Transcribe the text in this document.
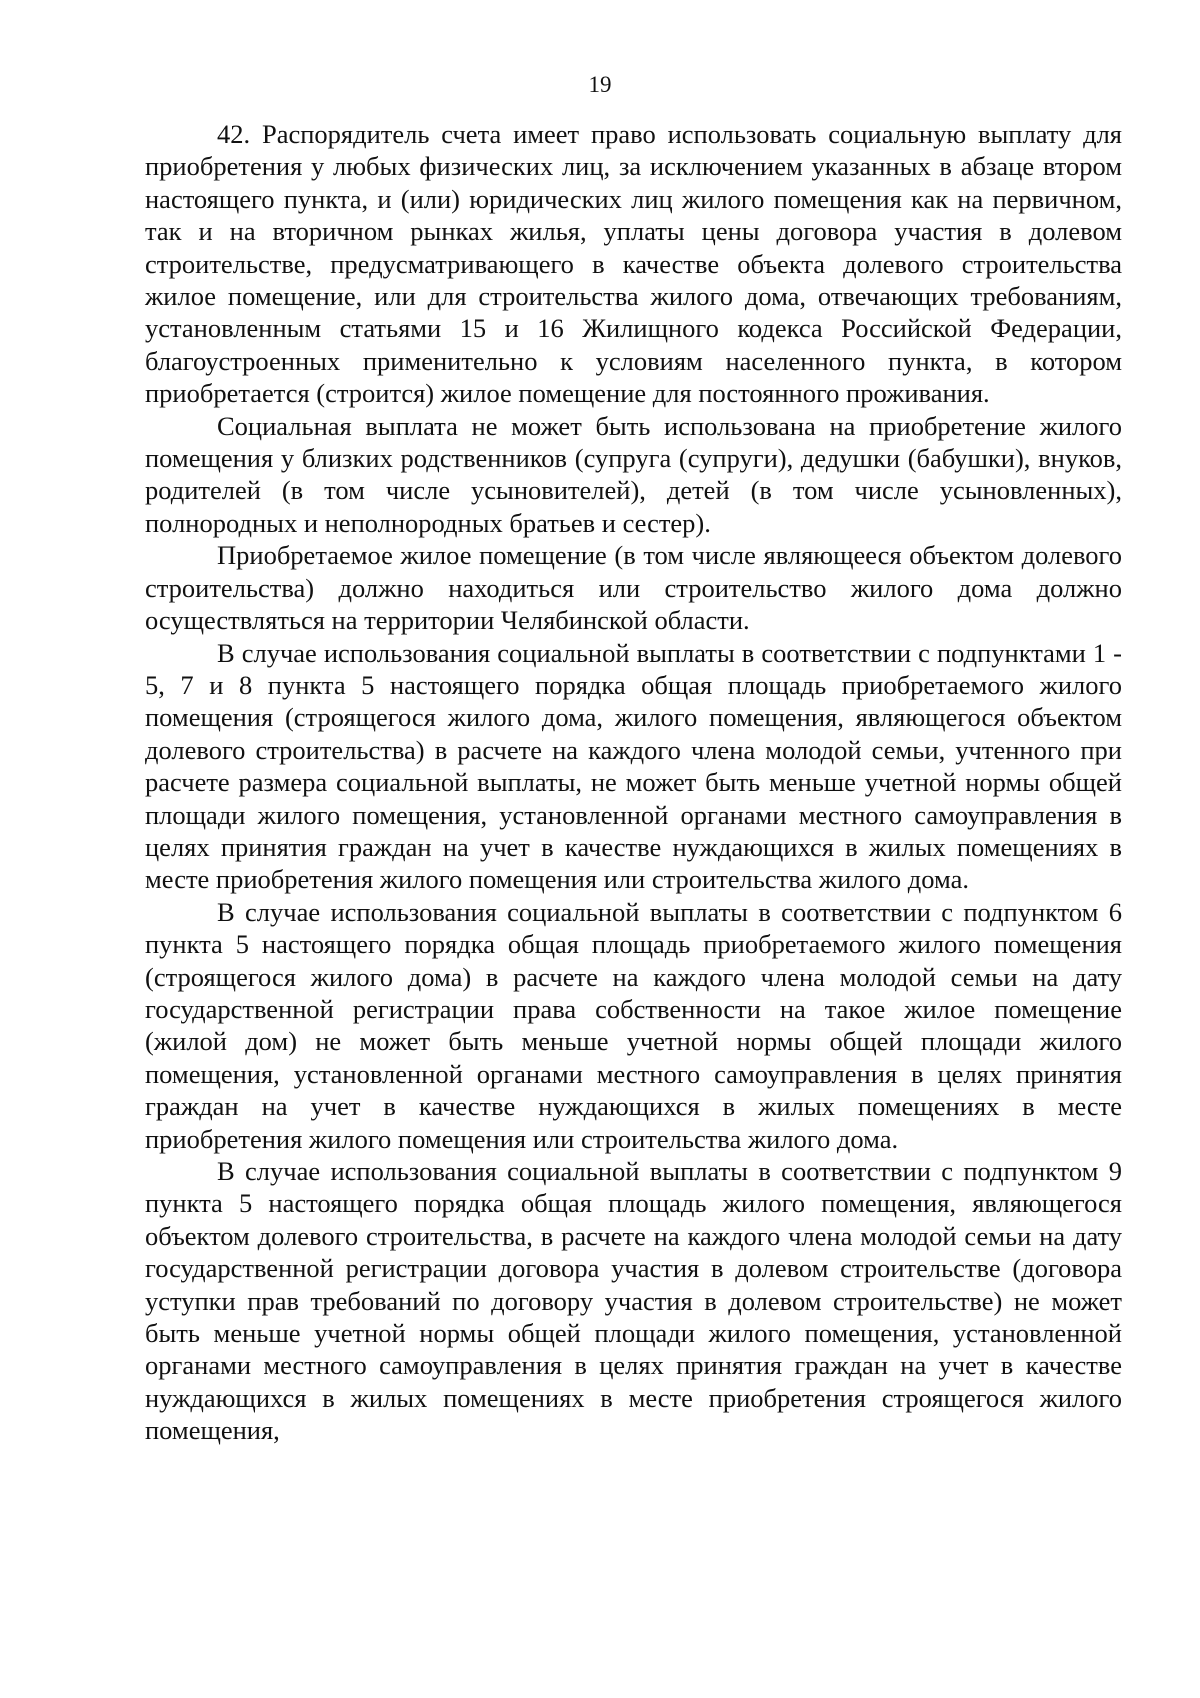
19

42. Распорядитель счета имеет право использовать социальную выплату для приобретения у любых физических лиц, за исключением указанных в абзаце втором настоящего пункта, и (или) юридических лиц жилого помещения как на первичном, так и на вторичном рынках жилья, уплаты цены договора участия в долевом строительстве, предусматривающего в качестве объекта долевого строительства жилое помещение, или для строительства жилого дома, отвечающих требованиям, установленным статьями 15 и 16 Жилищного кодекса Российской Федерации, благоустроенных применительно к условиям населенного пункта, в котором приобретается (строится) жилое помещение для постоянного проживания.

Социальная выплата не может быть использована на приобретение жилого помещения у близких родственников (супруга (супруги), дедушки (бабушки), внуков, родителей (в том числе усыновителей), детей (в том числе усыновленных), полнородных и неполнородных братьев и сестер).

Приобретаемое жилое помещение (в том числе являющееся объектом долевого строительства) должно находиться или строительство жилого дома должно осуществляться на территории Челябинской области.

В случае использования социальной выплаты в соответствии с подпунктами 1 - 5, 7 и 8 пункта 5 настоящего порядка общая площадь приобретаемого жилого помещения (строящегося жилого дома, жилого помещения, являющегося объектом долевого строительства) в расчете на каждого члена молодой семьи, учтенного при расчете размера социальной выплаты, не может быть меньше учетной нормы общей площади жилого помещения, установленной органами местного самоуправления в целях принятия граждан на учет в качестве нуждающихся в жилых помещениях в месте приобретения жилого помещения или строительства жилого дома.

В случае использования социальной выплаты в соответствии с подпунктом 6 пункта 5 настоящего порядка общая площадь приобретаемого жилого помещения (строящегося жилого дома) в расчете на каждого члена молодой семьи на дату государственной регистрации права собственности на такое жилое помещение (жилой дом) не может быть меньше учетной нормы общей площади жилого помещения, установленной органами местного самоуправления в целях принятия граждан на учет в качестве нуждающихся в жилых помещениях в месте приобретения жилого помещения или строительства жилого дома.

В случае использования социальной выплаты в соответствии с подпунктом 9 пункта 5 настоящего порядка общая площадь жилого помещения, являющегося объектом долевого строительства, в расчете на каждого члена молодой семьи на дату государственной регистрации договора участия в долевом строительстве (договора уступки прав требований по договору участия в долевом строительстве) не может быть меньше учетной нормы общей площади жилого помещения, установленной органами местного самоуправления в целях принятия граждан на учет в качестве нуждающихся в жилых помещениях в месте приобретения строящегося жилого помещения,
